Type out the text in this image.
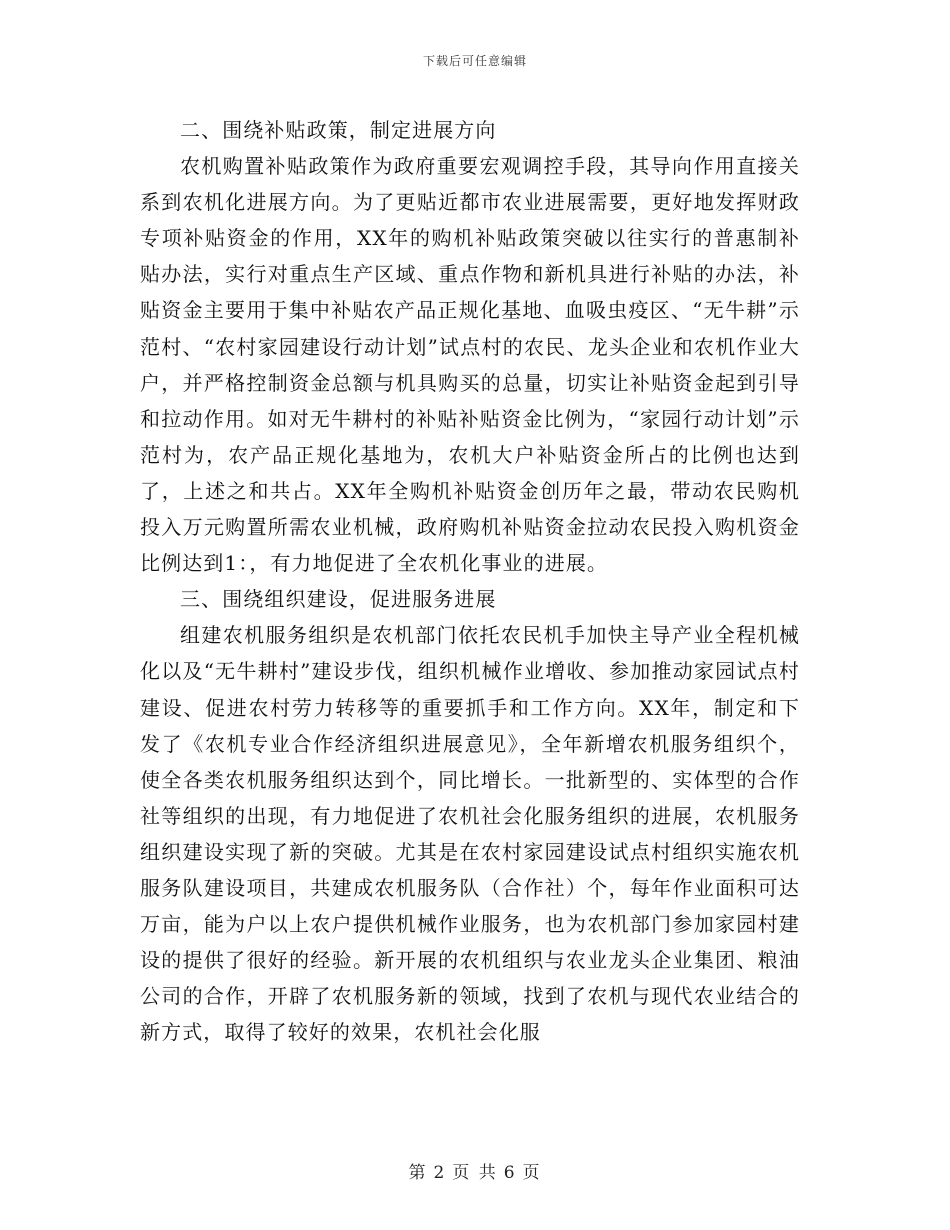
下载后可任意编辑

二、围绕补贴政策，制定进展方向

农机购置补贴政策作为政府重要宏观调控手段，其导向作用直接关系到农机化进展方向。为了更贴近都市农业进展需要，更好地发挥财政专项补贴资金的作用，XX年的购机补贴政策突破以往实行的普惠制补贴办法，实行对重点生产区域、重点作物和新机具进行补贴的办法，补贴资金主要用于集中补贴农产品正规化基地、血吸虫疫区、“无牛耕”示范村、“农村家园建设行动计划”试点村的农民、龙头企业和农机作业大户，并严格控制资金总额与机具购买的总量，切实让补贴资金起到引导和拉动作用。如对无牛耕村的补贴补贴资金比例为，“家园行动计划”示范村为，农产品正规化基地为，农机大户补贴资金所占的比例也达到了，上述之和共占。XX年全购机补贴资金创历年之最，带动农民购机投入万元购置所需农业机械，政府购机补贴资金拉动农民投入购机资金比例达到1：，有力地促进了全农机化事业的进展。

三、围绕组织建设，促进服务进展

组建农机服务组织是农机部门依托农民机手加快主导产业全程机械化以及“无牛耕村”建设步伐，组织机械作业增收、参加推动家园试点村建设、促进农村劳力转移等的重要抓手和工作方向。XX年，制定和下发了《农机专业合作经济组织进展意见》，全年新增农机服务组织个，使全各类农机服务组织达到个，同比增长。一批新型的、实体型的合作社等组织的出现，有力地促进了农机社会化服务组织的进展，农机服务组织建设实现了新的突破。尤其是在农村家园建设试点村组织实施农机服务队建设项目，共建成农机服务队（合作社）个，每年作业面积可达万亩，能为户以上农户提供机械作业服务，也为农机部门参加家园村建设的提供了很好的经验。新开展的农机组织与农业龙头企业集团、粮油公司的合作，开辟了农机服务新的领域，找到了农机与现代农业结合的新方式，取得了较好的效果，农机社会化服

第 2 页 共 6 页
